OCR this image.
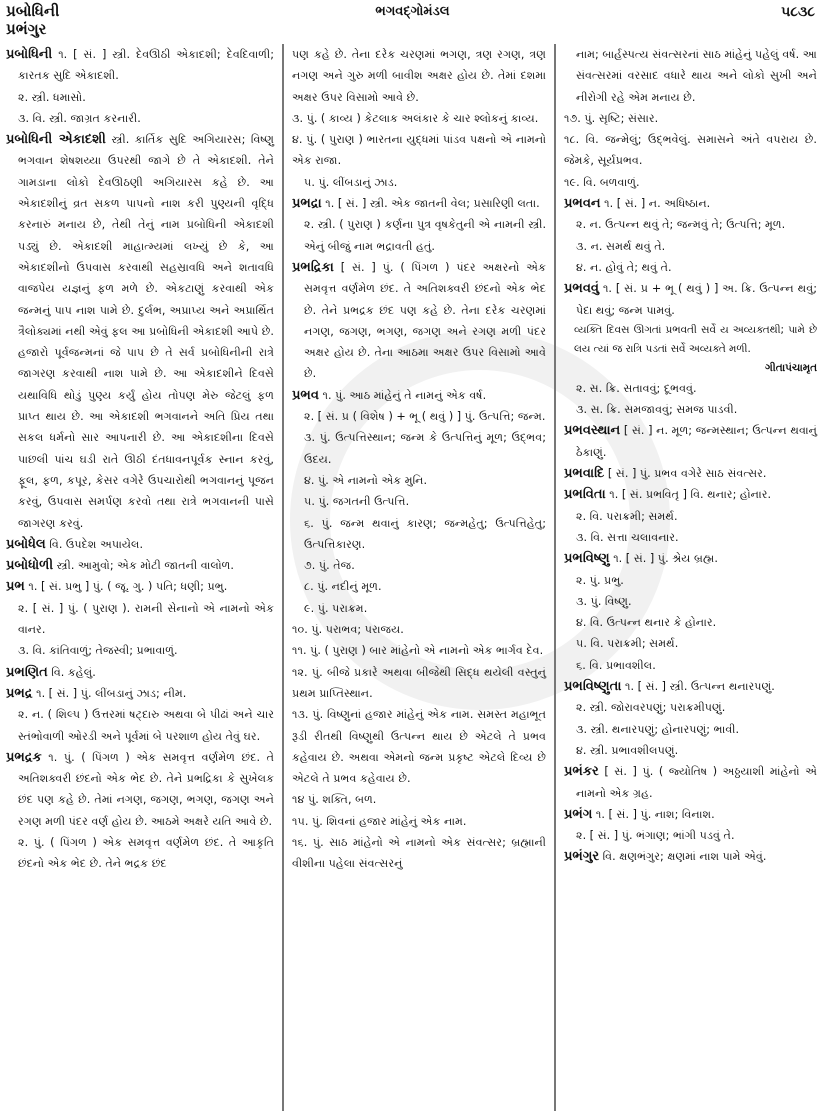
પ્રબોધિની
પ્રભંગુર
ભગવદ્ગોમંડલ	૫૮૩૮

પ્રબોધિની ૧. [ સં. ] સ્ત્રી. દેવઊઠી એકાદશી; દેવદિવાળી; કારતક સુદિ એકાદશી.

૨. સ્ત્રી. ધમાસો.

૩. વિ. સ્ત્રી. જાગ્રત કરનારી.

પ્રબોધિની એકાદશી સ્ત્રી. કાર્તિક સુદિ અગિયારસ; વિષ્ણુ ભગવાન શેષશય્યા ઉપરથી જાગે છે તે એકાદશી. તેને ગામડાના લોકો દેવઊઠણી અગિયારસ કહે છે. આ એકાદશીનું વ્રત સકળ પાપનો નાશ કરી પુણ્યની વૃદ્ધિ કરનારું મનાય છે, તેથી તેનું નામ પ્રબોધિની એકાદશી પડ્યું છે. એકાદશી માહાત્મ્યમાં લખ્યું છે કે, આ એકાદશીનો ઉપવાસ કરવાથી સહસ્રાવધિ અને શતાવધિ વાજપેય યજ્ઞનું ફળ મળે છે. એકટાણું કરવાથી એક જન્મનું પાપ નાશ પામે છે. દુર્લભ, અપ્રાપ્ય અને અપ્રાર્થિત ત્રૈલોક્યમાં નથી એવું ફલ આ પ્રબોધિની એકાદશી આપે છે. હજારો પૂર્વજન્મનાં જે પાપ છે તે સર્વ પ્રબોધિનીની રાત્રે જાગરણ કરવાથી નાશ પામે છે. આ એકાદશીને દિવસે યથાવિધિ થોડું પુણ્ય કર્યું હોય તોપણ મેરુ જેટલું ફળ પ્રાપ્ત થાય છે. આ એકાદશી ભગવાનને અતિ પ્રિય તથા સકલ ધર્મનો સાર આપનારી છે. આ એકાદશીના દિવસે પાછલી પાંચ ઘડી રાતે ઊઠી દંતધાવનપૂર્વક સ્નાન કરવું, ફૂલ, ફળ, કપૂર, કેસર વગેરે ઉપચારોથી ભગવાનનું પૂજન કરવું, ઉપવાસ સમર્પણ કરવો તથા રાત્રે ભગવાનની પાસે જાગરણ કરવું.

પ્રબોધેલ વિ. ઉપદેશ અપાયેલ.

પ્રબોધોળી સ્ત્રી. આમુવો; એક મોટી જાતની વાલોળ.

પ્રભ ૧. [ સં. પ્રભુ ] પું. ( જૂ. ગુ. ) પતિ; ધણી; પ્રભુ.

૨. [ સં. ] પું. ( પુરાણ ). રામની સેનાનો એ નામનો એક વાનર.

૩. વિ. કાંતિવાળું; તેજસ્વી; પ્રભાવાળું.

પ્રભણિત વિ. કહેલું.

પ્રભદ્ર ૧. [ સં. ] પું. લીંબડાનું ઝાડ; નીમ.

૨. ન. ( શિલ્પ ) ઉત્તરમાં ષટ્દારુ અથવા બે પીઢાં અને ચાર સ્તંભોવાળી ઓરડી અને પૂર્વમાં બે પરશાળ હોય તેવું ઘર.

પ્રભદ્રક ૧. પું. ( પિંગળ ) એક સમવૃત્ત વર્ણમેળ છંદ. તે અતિશક્વરી છંદનો એક ભેદ છે. તેને પ્રભદ્રિકા કે સુખેલક છંદ પણ કહે છે. તેમાં નગણ, જગણ, ભગણ, જગણ અને રગણ મળી પંદર વર્ણ હોય છે. આઠમે અક્ષરે યતિ આવે છે.

૨. પું. ( પિંગળ ) એક સમવૃત્ત વર્ણમેળ છંદ. તે આકૃતિ છંદનો એક ભેદ છે. તેને ભદ્રક છંદ

પણ કહે છે. તેના દરેક ચરણમાં ભગણ, ત્રણ રગણ, ત્રણ નગણ અને ગુરુ મળી બાવીશ અક્ષર હોય છે. તેમાં દશમા અક્ષર ઉપર વિસામો આવે છે.

૩. પું. ( કાવ્ય ) કેટલાક અલંકાર કે ચાર શ્લોકનું કાવ્ય.

૪. પું. ( પુરાણ ) ભારતના યુદ્ધમાં પાંડવ પક્ષનો એ નામનો એક રાજા.

૫. પું. લીંબડાનું ઝાડ.

પ્રભદ્રા ૧. [ સં. ] સ્ત્રી. એક જાતની વેલ; પ્રસારિણી લતા.

૨. સ્ત્રી. ( પુરાણ ) કર્ણના પુત્ર વૃષકેતુની એ નામની સ્ત્રી. એનું બીજું નામ ભદ્રાવતી હતું.

પ્રભદ્રિકા [ સં. ] પું. ( પિંગળ ) પંદર અક્ષરનો એક સમવૃત્ત વર્ણમેળ છંદ. તે અતિશક્વરી છંદનો એક ભેદ છે. તેને પ્રભદ્રક છંદ પણ કહે છે. તેના દરેક ચરણમાં નગણ, જગણ, ભગણ, જગણ અને રગણ મળી પંદર અક્ષર હોય છે. તેના આઠમા અક્ષર ઉપર વિસામો આવે છે.

પ્રભવ ૧. પું. આઠ માંહેનું તે નામનું એક વર્ષ.

૨. [ સં. પ્ર ( વિશેષ ) + ભૂ ( થવું ) ] પું. ઉત્પત્તિ; જન્મ.

૩. પું. ઉત્પત્તિસ્થાન; જન્મ કે ઉત્પત્તિનું મૂળ; ઉદ્ભવ; ઉદય.

૪. પું. એ નામનો એક મુનિ.

૫. પું. જગતની ઉત્પત્તિ.

૬. પું. જન્મ થવાનું કારણ; જન્મહેતુ; ઉત્પત્તિહેતુ; ઉત્પત્તિકારણ.

૭. પું. તેજ.

૮. પું. નદીનું મૂળ.

૯. પું. પરાક્રમ.

૧૦. પું. પરાભવ; પરાજય.

૧૧. પું. ( પુરાણ ) બાર માંહેનો એ નામનો એક ભાર્ગવ દેવ.

૧૨. પું. બીજે પ્રકારે અથવા બીજેથી સિદ્ધ થયેલી વસ્તુનું પ્રથમ પ્રાપ્તિસ્થાન.

૧૩. પું. વિષ્ણુનાં હજાર માંહેનું એક નામ. સમસ્ત મહાભૂત રૂડી રીતથી વિષ્ણુથી ઉત્પન્ન થાય છે એટલે તે પ્રભવ કહેવાય છે. અથવા એમનો જન્મ પ્રકૃષ્ટ એટલે દિવ્ય છે એટલે તે પ્રભવ કહેવાય છે.

૧૪ પું. શક્તિ, બળ.

૧૫. પું. શિવનાં હજાર માંહેનું એક નામ.

૧૬. પું. સાઠ માંહેનો એ નામનો એક સંવત્સર; બ્રહ્માની વીશીના પહેલા સંવત્સરનું

નામ; બાર્હસ્પત્ય સંવત્સરનાં સાઠ માંહેનું પહેલું વર્ષ. આ સંવત્સરમાં વરસાદ વધારે થાય અને લોકો સુખી અને નીરોગી રહે એમ મનાય છે.

૧૭. પું. સૃષ્ટિ; સંસાર.

૧૮. વિ. જન્મેલું; ઉદ્ભવેલું. સમાસને અંતે વપરાય છે. જેમકે, સૂર્યપ્રભવ.

૧૯. વિ. બળવાળું.

પ્રભવન ૧. [ સં. ] ન. અધિષ્ઠાન.

૨. ન. ઉત્પન્ન થવું તે; જન્મવું તે; ઉત્પત્તિ; મૂળ.

૩. ન. સમર્થ થવું તે.

૪. ન. હોવું તે; થવું તે.

પ્રભવવું ૧. [ સં. પ્ર + ભૂ ( થવું ) ] અ. ક્રિ. ઉત્પન્ન થવું; પેદા થવું; જન્મ પામવું.

વ્યક્તિ દિવસ ઊગતાં પ્રભવતી સર્વે ય અવ્યક્તથી; પામે છે લય ત્યાં જ રાત્રિ પડતાં સર્વે અવ્યક્તે મળી.

ગીતાપંચામૃત

૨. સ. ક્રિ. સતાવવું; દૂભવવું.

૩. સ. ક્રિ. સમજાવવું; સમજ પાડવી.

પ્રભવસ્થાન [ સં. ] ન. મૂળ; જન્મસ્થાન; ઉત્પન્ન થવાનું ઠેકાણું.

પ્રભવાદિ [ સં. ] પું. પ્રભવ વગેરે સાઠ સંવત્સર.

પ્રભવિતા ૧. [ સં. પ્રભવિતૃ ] વિ. થનાર; હોનાર.

૨. વિ. પરાક્રમી; સમર્થ.

૩. વિ. સત્તા ચલાવનાર.

પ્રભવિષ્ણુ ૧. [ સં. ] પું. શ્રેય બ્રહ્મ.

૨. પું. પ્રભુ.

૩. પું. વિષ્ણુ.

૪. વિ. ઉત્પન્ન થનાર કે હોનાર.

૫. વિ. પરાક્રમી; સમર્થ.

૬. વિ. પ્રભાવશીલ.

પ્રભવિષ્ણુતા ૧. [ સં. ] સ્ત્રી. ઉત્પન્ન થનારપણું.

૨. સ્ત્રી. જોરાવરપણું; પરાક્રમીપણું.

૩. સ્ત્રી. થનારપણું; હોનારપણું; ભાવી.

૪. સ્ત્રી. પ્રભાવશીલપણું.

પ્રભંકર [ સં. ] પું. ( જ્યોતિષ ) અઠ્ઠયાશી માંહેનો એ નામનો એક ગ્રહ.

પ્રભંગ ૧. [ સં. ] પું. નાશ; વિનાશ.

૨. [ સં. ] પું. ભંગાણ; ભાંગી પડવું તે.

પ્રભંગુર વિ. ક્ષણભંગુર; ક્ષણમાં નાશ પામે એવું.
